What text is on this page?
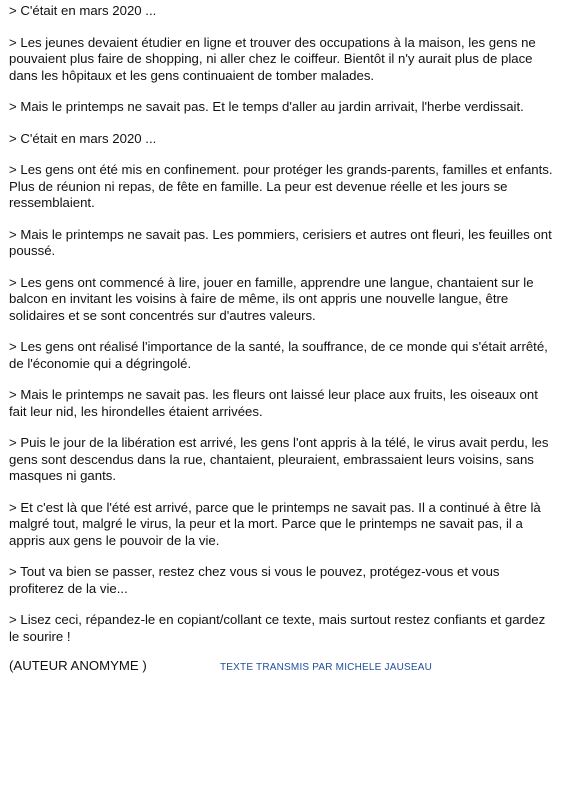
> C'était en mars 2020 ...

> Les jeunes devaient étudier en ligne et trouver des occupations à la maison, les gens ne pouvaient plus faire de shopping, ni aller chez le coiffeur. Bientôt il n'y aurait plus de place dans les hôpitaux et les gens continuaient de tomber malades.

> Mais le printemps ne savait pas. Et le temps d'aller au jardin arrivait, l'herbe verdissait.

> C'était en mars 2020 ...

> Les gens ont été mis en confinement. pour protéger les grands-parents, familles et enfants. Plus de réunion ni repas, de fête en famille. La peur est devenue réelle et les jours se ressemblaient.

> Mais le printemps ne savait pas. Les pommiers, cerisiers et autres ont fleuri, les feuilles ont poussé.

> Les gens ont commencé à lire, jouer en famille, apprendre une langue, chantaient sur le balcon en invitant les voisins à faire de même, ils ont appris une nouvelle langue, être solidaires et se sont concentrés sur d'autres valeurs.

> Les gens ont réalisé l'importance de la santé, la souffrance, de ce monde qui s'était arrêté, de l'économie qui a dégringolé.

> Mais le printemps ne savait pas. les fleurs ont laissé leur place aux fruits, les oiseaux ont fait leur nid, les hirondelles étaient arrivées.

> Puis le jour de la libération est arrivé, les gens l'ont appris à la télé, le virus avait perdu, les gens sont descendus dans la rue, chantaient, pleuraient, embrassaient leurs voisins, sans masques ni gants.

> Et c'est là que l'été est arrivé, parce que le printemps ne savait pas. Il a continué à être là malgré tout, malgré le virus, la peur et la mort. Parce que le printemps ne savait pas, il a appris aux gens le pouvoir de la vie.

> Tout va bien se passer, restez chez vous si vous le pouvez, protégez-vous et vous profiterez de la vie...

> Lisez ceci, répandez-le en copiant/collant ce texte, mais surtout restez confiants et gardez le sourire !

(AUTEUR ANOMYME )	TEXTE TRANSMIS PAR MICHELE JAUSEAU
